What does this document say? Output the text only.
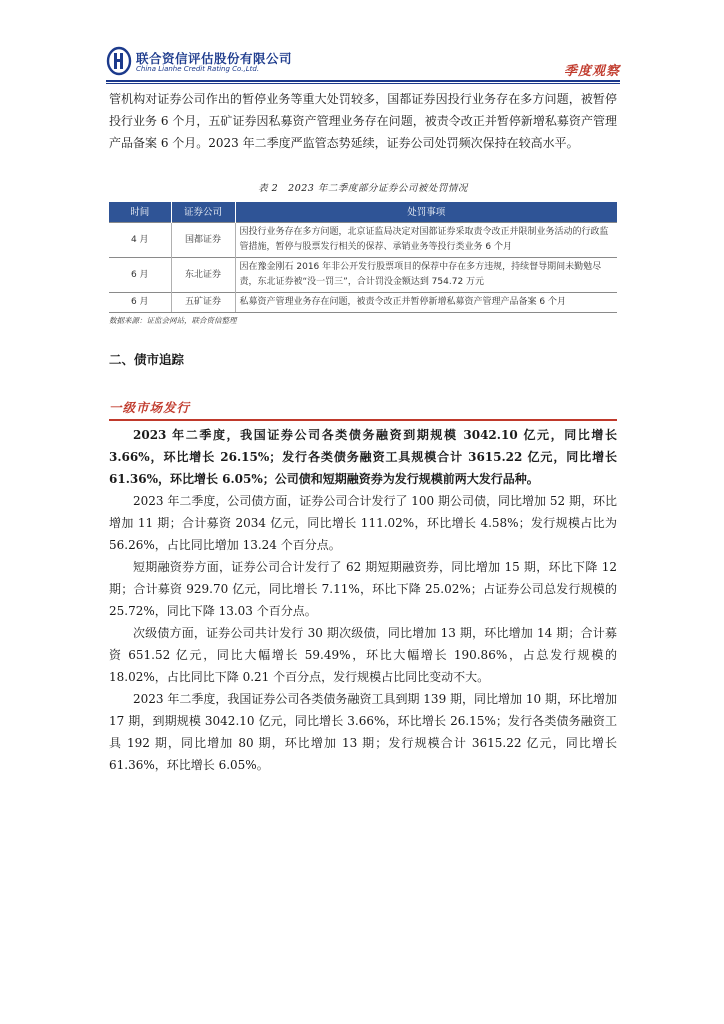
联合资信评估股份有限公司
China Lianhe Credit Rating Co.,Ltd.	季度观察

管机构对证券公司作出的暂停业务等重大处罚较多，国都证券因投行业务存在多方问题，被暂停投行业务 6 个月，五矿证券因私募资产管理业务存在问题，被责令改正并暂停新增私募资产管理产品备案 6 个月。2023 年二季度严监管态势延续，证券公司处罚频次保持在较高水平。

表 2　2023 年二季度部分证券公司被处罚情况
时间	证券公司	处罚事项
4 月	国都证券	因投行业务存在多方问题，北京证监局决定对国都证券采取责令改正并限制业务活动的行政监管措施，暂停与股票发行相关的保荐、承销业务等投行类业务 6 个月
6 月	东北证券	因在豫金刚石 2016 年非公开发行股票项目的保荐中存在多方违规，持续督导期间未勤勉尽责，东北证券被“没一罚三”，合计罚没金额达到 754.72 万元
6 月	五矿证券	私募资产管理业务存在问题，被责令改正并暂停新增私募资产管理产品备案 6 个月
数据来源：证监会网站，联合资信整理
二、债市追踪
一级市场发行

2023 年二季度，我国证券公司各类债务融资到期规模 3042.10 亿元，同比增长 3.66%，环比增长 26.15%；发行各类债务融资工具规模合计 3615.22 亿元，同比增长 61.36%，环比增长 6.05%；公司债和短期融资券为发行规模前两大发行品种。

2023 年二季度，公司债方面，证券公司合计发行了 100 期公司债，同比增加 52 期，环比增加 11 期；合计募资 2034 亿元，同比增长 111.02%，环比增长 4.58%；发行规模占比为 56.26%，占比同比增加 13.24 个百分点。

短期融资券方面，证券公司合计发行了 62 期短期融资券，同比增加 15 期，环比下降 12 期；合计募资 929.70 亿元，同比增长 7.11%，环比下降 25.02%；占证券公司总发行规模的 25.72%，同比下降 13.03 个百分点。

次级债方面，证券公司共计发行 30 期次级债，同比增加 13 期，环比增加 14 期；合计募资 651.52 亿元，同比大幅增长 59.49%，环比大幅增长 190.86%，占总发行规模的 18.02%，占比同比下降 0.21 个百分点，发行规模占比同比变动不大。

2023 年二季度，我国证券公司各类债务融资工具到期 139 期，同比增加 10 期，环比增加 17 期，到期规模 3042.10 亿元，同比增长 3.66%，环比增长 26.15%；发行各类债务融资工具 192 期，同比增加 80 期，环比增加 13 期；发行规模合计 3615.22 亿元，同比增长 61.36%，环比增长 6.05%。
